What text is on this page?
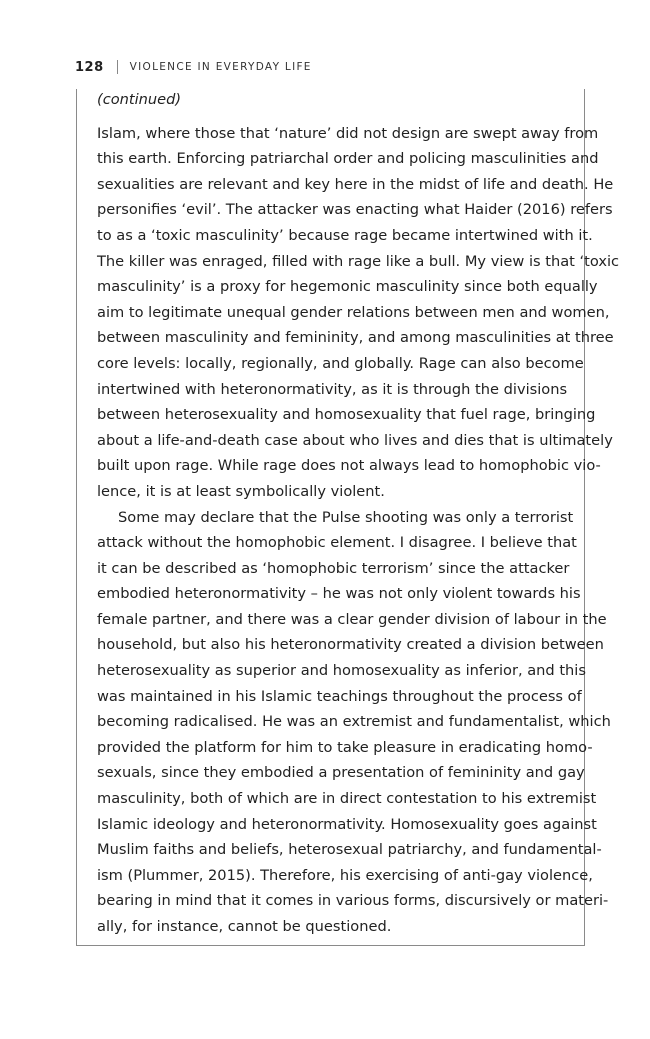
128 VIOLENCE IN EVERYDAY LIFE
(continued)

Islam, where those that ‘nature’ did not design are swept away from
this earth. Enforcing patriarchal order and policing masculinities and
sexualities are relevant and key here in the midst of life and death. He
personifies ‘evil’. The attacker was enacting what Haider (2016) refers
to as a ‘toxic masculinity’ because rage became intertwined with it.
The killer was enraged, filled with rage like a bull. My view is that ‘toxic
masculinity’ is a proxy for hegemonic masculinity since both equally
aim to legitimate unequal gender relations between men and women,
between masculinity and femininity, and among masculinities at three
core levels: locally, regionally, and globally. Rage can also become
intertwined with heteronormativity, as it is through the divisions
between heterosexuality and homosexuality that fuel rage, bringing
about a life-and-death case about who lives and dies that is ultimately
built upon rage. While rage does not always lead to homophobic vio-
lence, it is at least symbolically violent.

Some may declare that the Pulse shooting was only a terrorist
attack without the homophobic element. I disagree. I believe that
it can be described as ‘homophobic terrorism’ since the attacker
embodied heteronormativity – he was not only violent towards his
female partner, and there was a clear gender division of labour in the
household, but also his heteronormativity created a division between
heterosexuality as superior and homosexuality as inferior, and this
was maintained in his Islamic teachings throughout the process of
becoming radicalised. He was an extremist and fundamentalist, which
provided the platform for him to take pleasure in eradicating homo-
sexuals, since they embodied a presentation of femininity and gay
masculinity, both of which are in direct contestation to his extremist
Islamic ideology and heteronormativity. Homosexuality goes against
Muslim faiths and beliefs, heterosexual patriarchy, and fundamental-
ism (Plummer, 2015). Therefore, his exercising of anti-gay violence,
bearing in mind that it comes in various forms, discursively or materi-
ally, for instance, cannot be questioned.
